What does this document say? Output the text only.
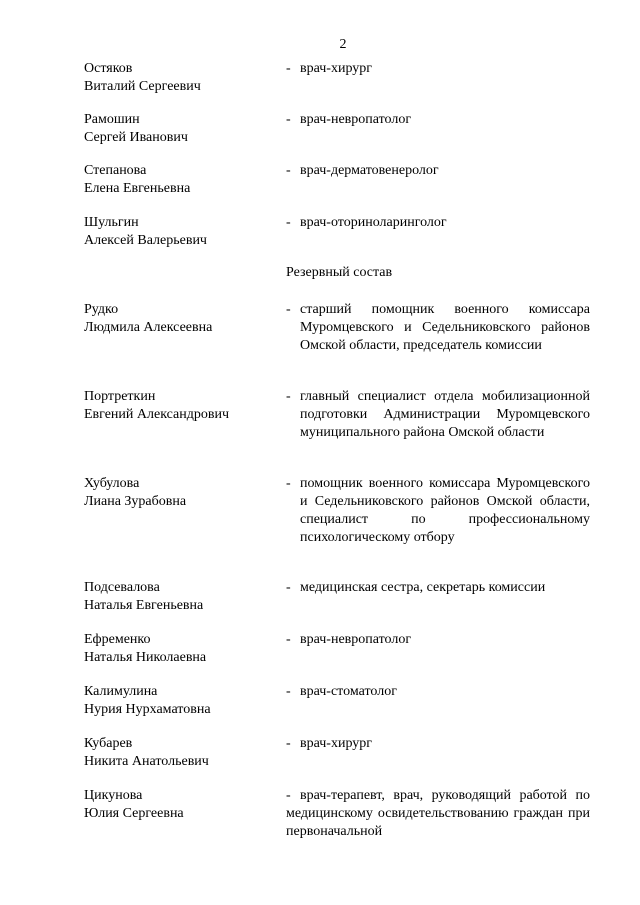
2
Остяков
Виталий Сергеевич
- врач-хирург
Рамошин
Сергей Иванович
- врач-невропатолог
Степанова
Елена Евгеньевна
- врач-дерматовенеролог
Шульгин
Алексей Валерьевич
- врач-оториноларинголог
Резервный состав
Рудко
Людмила Алексеевна
- старший помощник военного комиссара Муромцевского и Седельниковского районов Омской области, председатель комиссии
Портреткин
Евгений Александрович
- главный специалист отдела мобилизационной подготовки Администрации Муромцевского муниципального района Омской области
Хубулова
Лиана Зурабовна
- помощник военного комиссара Муромцевского и Седельниковского районов Омской области, специалист по профессиональному психологическому отбору
Подсевалова
Наталья Евгеньевна
- медицинская сестра, секретарь комиссии
Ефременко
Наталья Николаевна
- врач-невропатолог
Калимулина
Нурия Нурхаматовна
- врач-стоматолог
Кубарев
Никита Анатольевич
- врач-хирург
Цикунова
Юлия Сергеевна
- врач-терапевт, врач, руководящий работой по медицинскому освидетельствованию граждан при первоначальной
